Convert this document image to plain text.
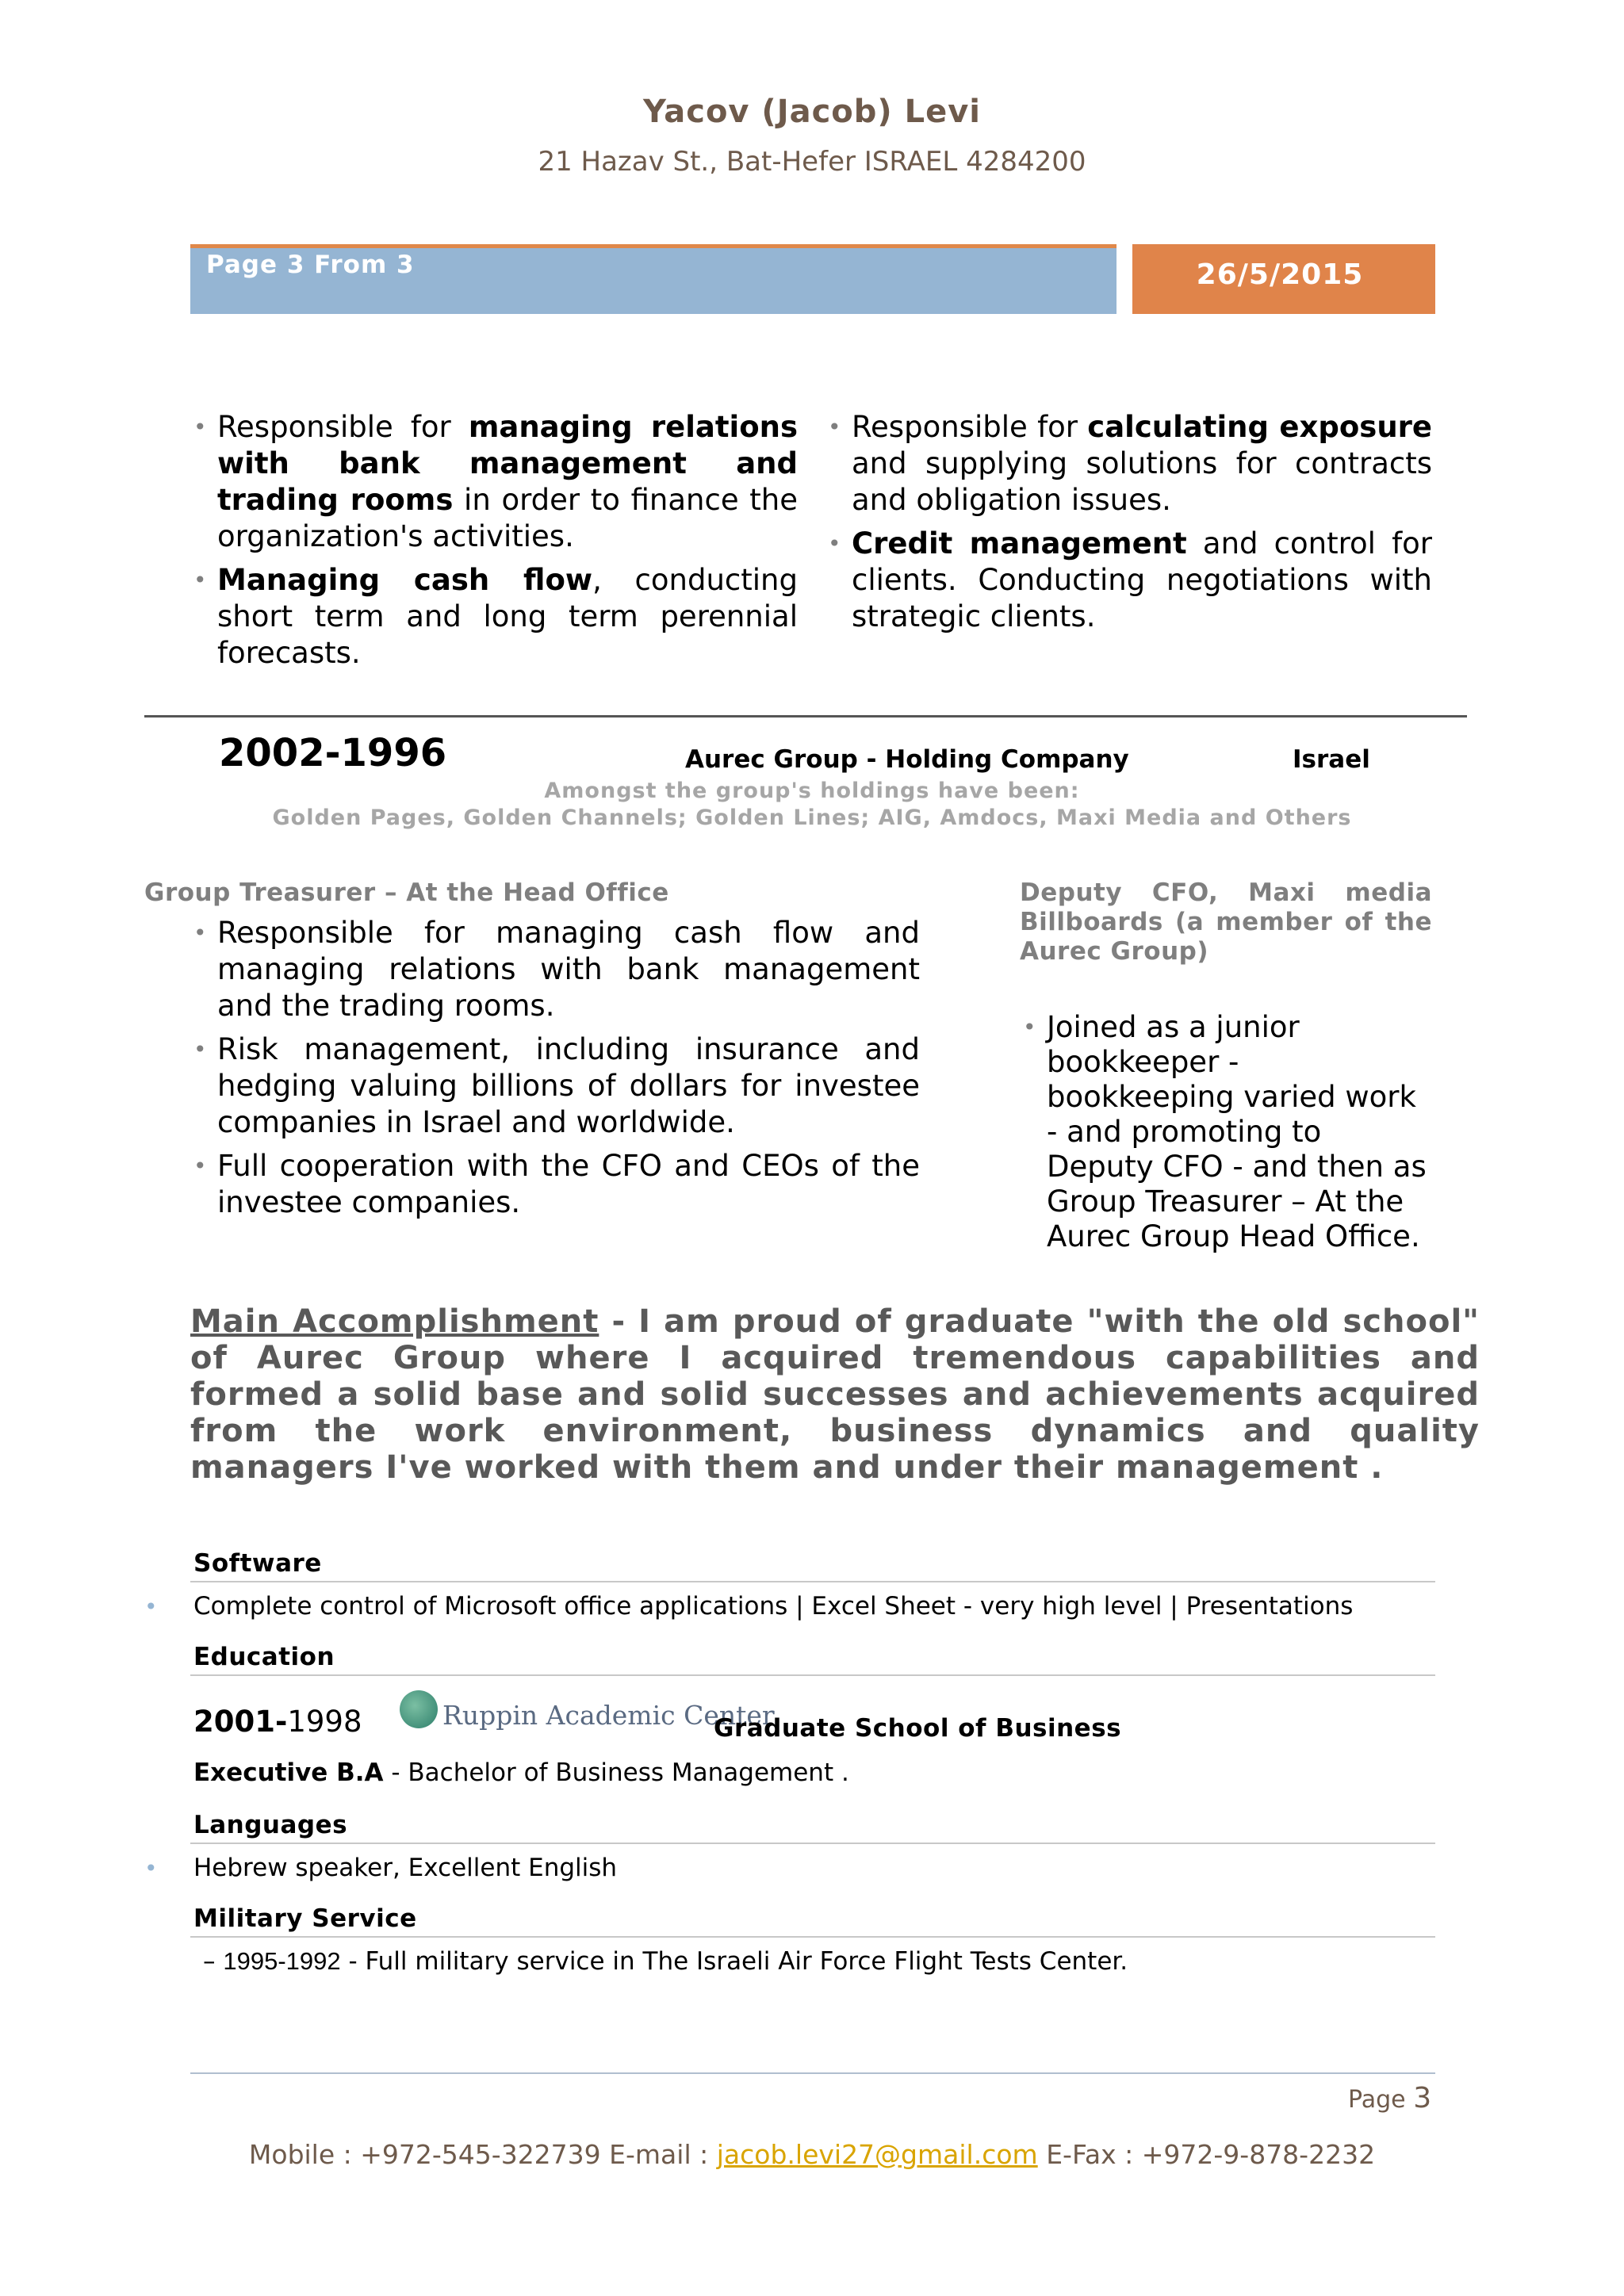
Yacov (Jacob) Levi
21 Hazav St., Bat-Hefer ISRAEL 4284200
Page 3 From 3	26/5/2015
• Responsible for managing relations with bank management and trading rooms in order to finance the organization's activities.
• Managing cash flow, conducting short term and long term perennial forecasts.
• Responsible for calculating exposure and supplying solutions for contracts and obligation issues.
• Credit management and control for clients. Conducting negotiations with strategic clients.
2002-1996	Aurec Group - Holding Company	Israel
Amongst the group's holdings have been:
Golden Pages, Golden Channels; Golden Lines; AIG, Amdocs, Maxi Media and Others
Group Treasurer – At the Head Office
• Responsible for managing cash flow and managing relations with bank management and the trading rooms.
• Risk management, including insurance and hedging valuing billions of dollars for investee companies in Israel and worldwide.
• Full cooperation with the CFO and CEOs of the investee companies.
Deputy CFO, Maxi media Billboards (a member of the Aurec Group)
• Joined as a junior bookkeeper - bookkeeping varied work - and promoting to Deputy CFO - and then as Group Treasurer – At the Aurec Group Head Office.
Main Accomplishment - I am proud of graduate "with the old school" of Aurec Group where I acquired tremendous capabilities and formed a solid base and solid successes and achievements acquired from the work environment, business dynamics and quality managers I've worked with them and under their management .
Software
• Complete control of Microsoft office applications | Excel Sheet - very high level | Presentations
Education
2001-1998	Ruppin Academic Center
Graduate School of Business
Executive B.A - Bachelor of Business Management .
Languages
• Hebrew speaker, Excellent English
Military Service
– 1995-1992 - Full military service in The Israeli Air Force Flight Tests Center.
Page 3
Mobile : +972-545-322739 E-mail : jacob.levi27@gmail.com E-Fax : +972-9-878-2232
